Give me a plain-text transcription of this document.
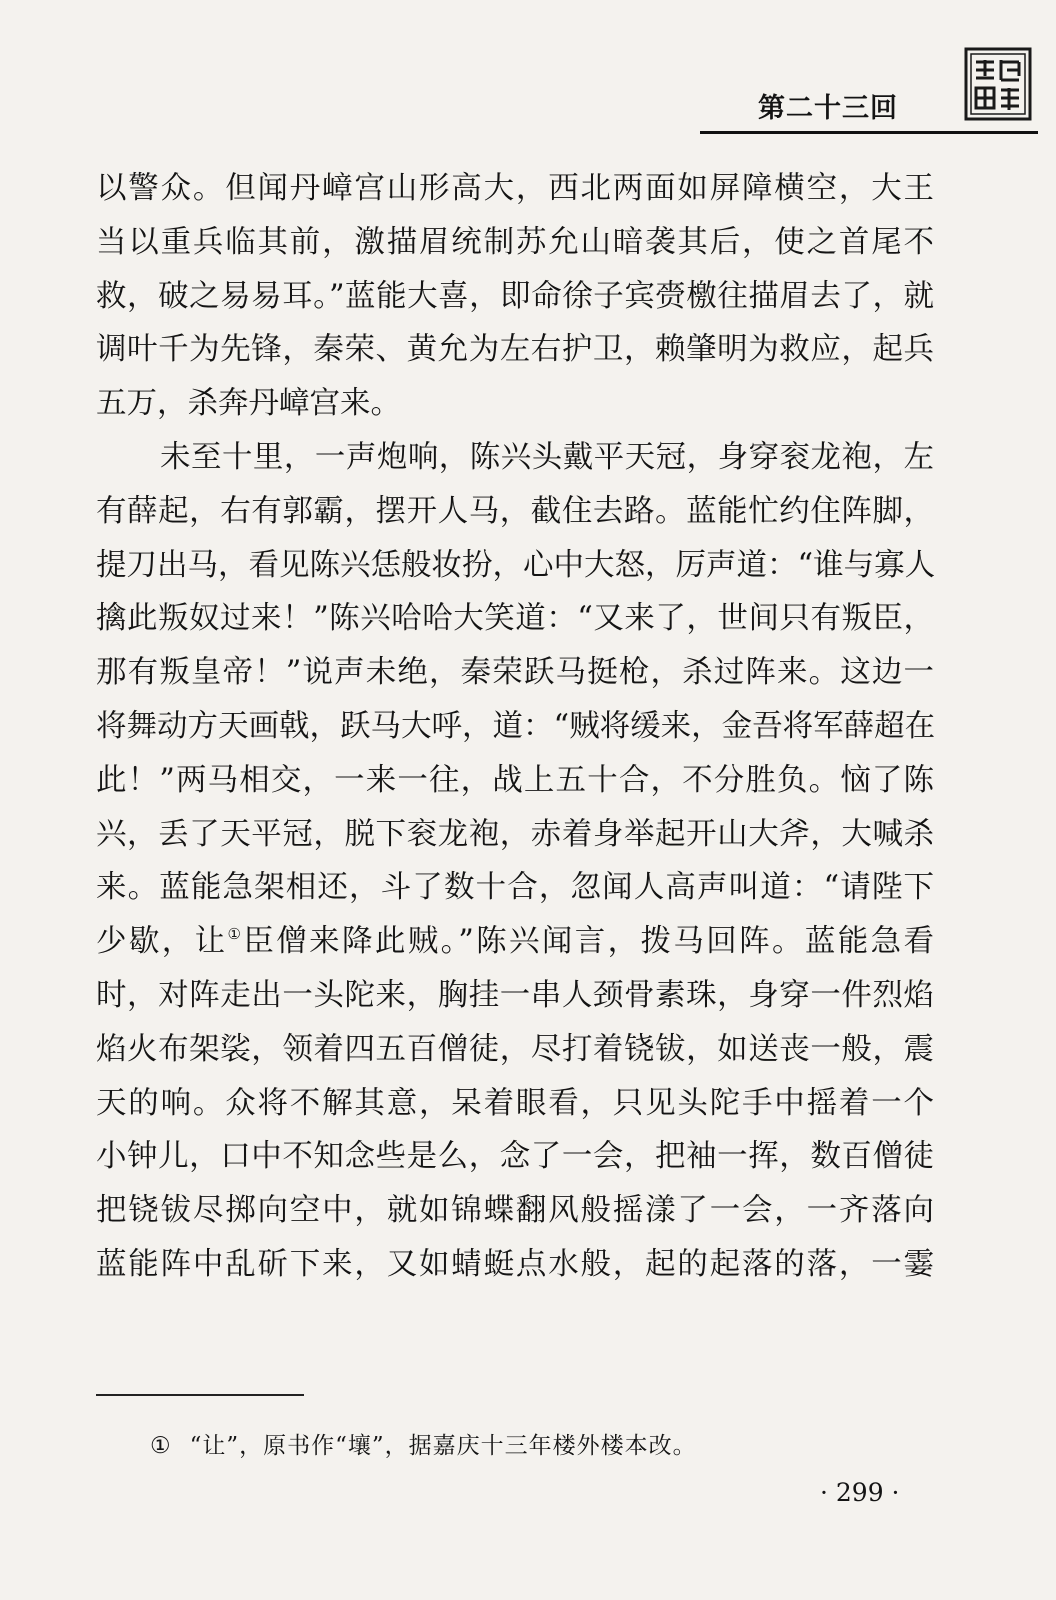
第二十三回
以警众。但闻丹嶂宫山形高大，西北两面如屏障横空，大王
当以重兵临其前，激描眉统制苏允山暗袭其后，使之首尾不
救，破之易易耳。”蓝能大喜，即命徐子宾赍檄往描眉去了，就
调叶千为先锋，秦荣、黄允为左右护卫，赖肇明为救应，起兵
五万，杀奔丹嶂宫来。
未至十里，一声炮响，陈兴头戴平天冠，身穿衮龙袍，左
有薛起，右有郭霸，摆开人马，截住去路。蓝能忙约住阵脚，
提刀出马，看见陈兴恁般妆扮，心中大怒，厉声道：“谁与寡人
擒此叛奴过来！”陈兴哈哈大笑道：“又来了，世间只有叛臣，
那有叛皇帝！”说声未绝，秦荣跃马挺枪，杀过阵来。这边一
将舞动方天画戟，跃马大呼，道：“贼将缓来，金吾将军薛超在
此！”两马相交，一来一往，战上五十合，不分胜负。恼了陈
兴，丢了天平冠，脱下衮龙袍，赤着身举起开山大斧，大喊杀
来。蓝能急架相还，斗了数十合，忽闻人高声叫道：“请陛下
少歇，让①臣僧来降此贼。”陈兴闻言，拨马回阵。蓝能急看
时，对阵走出一头陀来，胸挂一串人颈骨素珠，身穿一件烈焰
焰火布架裟，领着四五百僧徒，尽打着铙钹，如送丧一般，震
天的响。众将不解其意，呆着眼看，只见头陀手中摇着一个
小钟儿，口中不知念些是么，念了一会，把袖一挥，数百僧徒
把铙钹尽掷向空中，就如锦蝶翻风般摇漾了一会，一齐落向
蓝能阵中乱斫下来，又如蜻蜓点水般，起的起落的落，一霎
① “让”，原书作“壤”，据嘉庆十三年楼外楼本改。
· 299 ·
